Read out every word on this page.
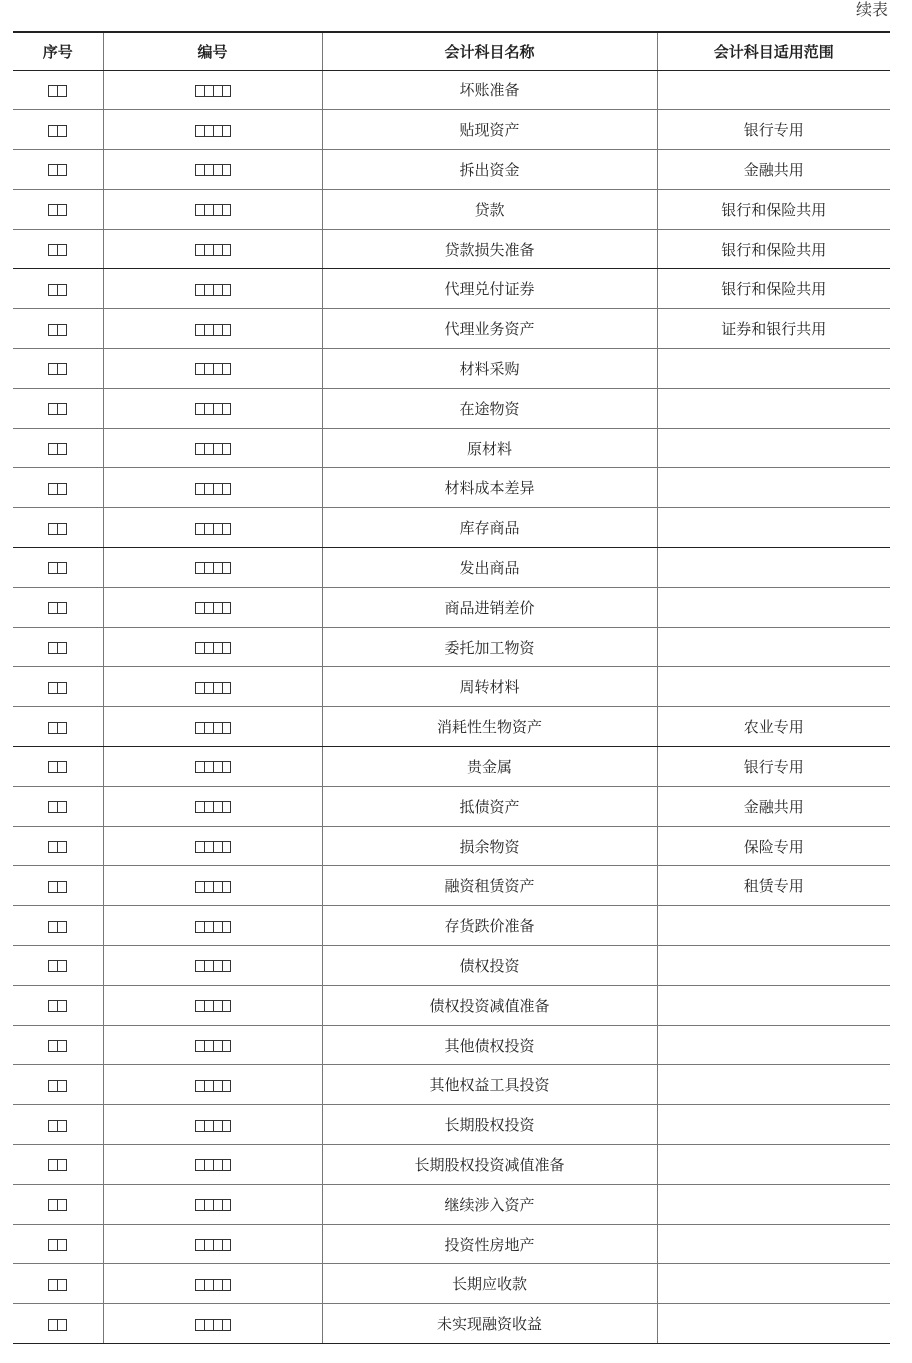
续表
序号	编号	会计科目名称	会计科目适用范围
		坏账准备	
		贴现资产	银行专用
		拆出资金	金融共用
		贷款	银行和保险共用
		贷款损失准备	银行和保险共用
		代理兑付证券	银行和保险共用
		代理业务资产	证券和银行共用
		材料采购	
		在途物资	
		原材料	
		材料成本差异	
		库存商品	
		发出商品	
		商品进销差价	
		委托加工物资	
		周转材料	
		消耗性生物资产	农业专用
		贵金属	银行专用
		抵债资产	金融共用
		损余物资	保险专用
		融资租赁资产	租赁专用
		存货跌价准备	
		债权投资	
		债权投资减值准备	
		其他债权投资	
		其他权益工具投资	
		长期股权投资	
		长期股权投资减值准备	
		继续涉入资产	
		投资性房地产	
		长期应收款	
		未实现融资收益	
